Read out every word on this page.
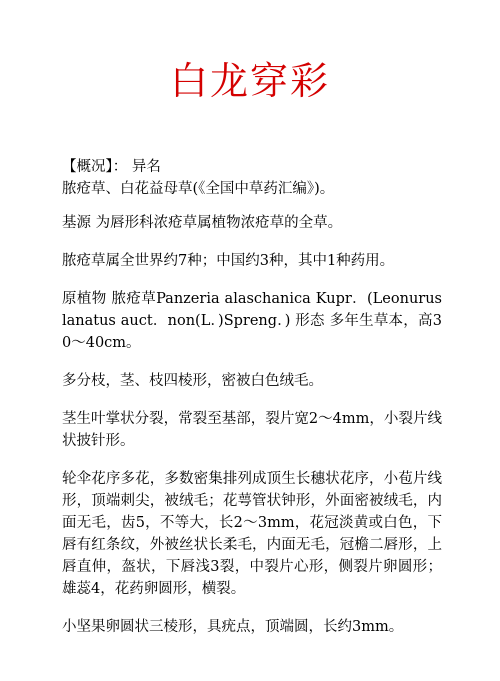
白龙穿彩

【概况】： 异名

脓疮草、白花益母草(《全国中草药汇编》)。

基源 为唇形科浓疮草属植物浓疮草的全草。

脓疮草属全世界约7种；中国约3种，其中1种药用。

原植物 脓疮草Panzeria alaschanica Kupr．(Leonurus lanatus auct．non(L．)Spreng．) 形态 多年生草本，高30～40cm。

多分枝，茎、枝四棱形，密被白色绒毛。

茎生叶掌状分裂，常裂至基部，裂片宽2～4mm，小裂片线状披针形。

轮伞花序多花，多数密集排列成顶生长穗状花序，小苞片线形，顶端刺尖，被绒毛；花萼管状钟形，外面密被绒毛，内面无毛，齿5，不等大，长2～3mm，花冠淡黄或白色，下唇有红条纹，外被丝状长柔毛，内面无毛，冠檐二唇形，上唇直伸，盔状，下唇浅3裂，中裂片心形，侧裂片卵圆形；雄蕊4，花药卵圆形，横裂。

小坚果卵圆状三棱形，具疣点，顶端圆，长约3mm。
